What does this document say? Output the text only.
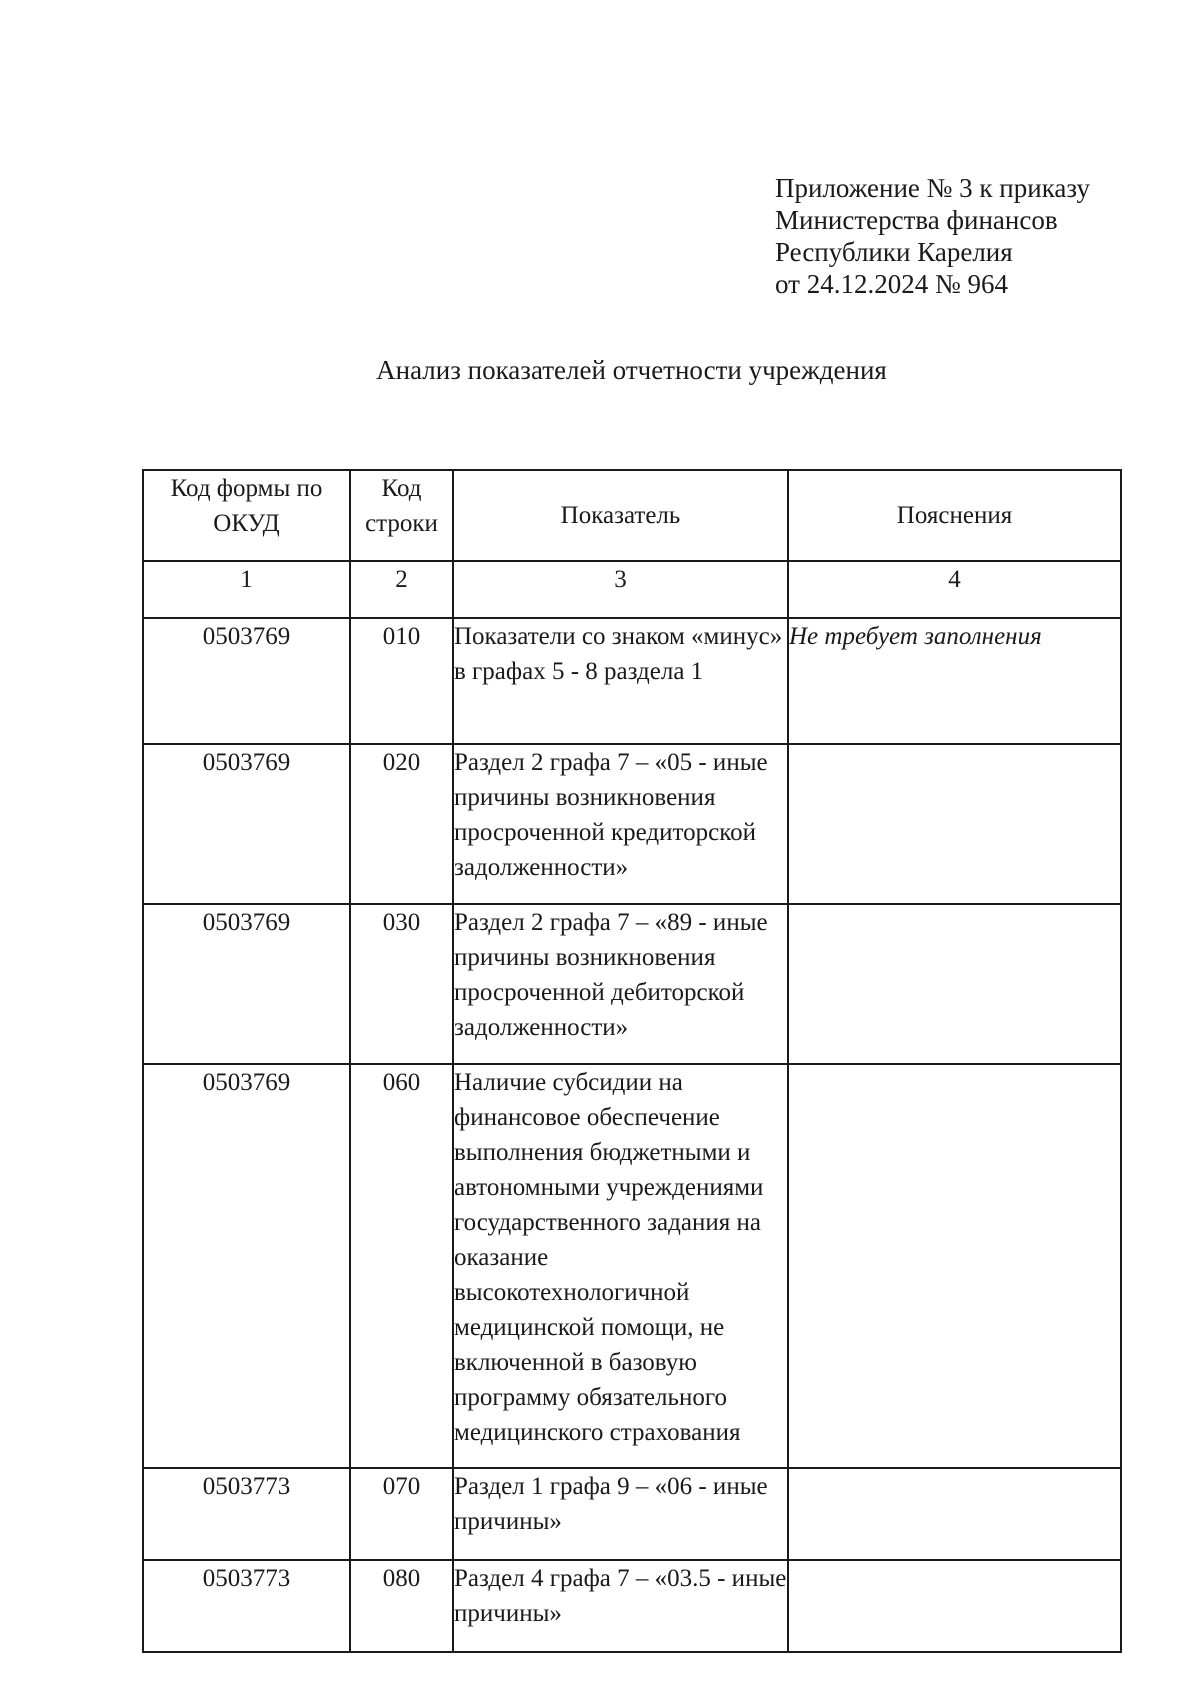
Приложение № 3 к приказу
Министерства финансов
Республики Карелия
от 24.12.2024 № 964
Анализ показателей отчетности учреждения
Код формы по ОКУД	Код строки	Показатель	Пояснения
1	2	3	4
0503769	010	Показатели со знаком «минус» в графах 5 - 8 раздела 1	Не требует заполнения
0503769	020	Раздел 2 графа 7 – «05 - иные причины возникновения просроченной кредиторской задолженности»	
0503769	030	Раздел 2 графа 7 – «89 - иные причины возникновения просроченной дебиторской задолженности»	
0503769	060	Наличие субсидии на финансовое обеспечение выполнения бюджетными и автономными учреждениями государственного задания на оказание высокотехнологичной медицинской помощи, не включенной в базовую программу обязательного медицинского страхования	
0503773	070	Раздел 1 графа 9 – «06 - иные причины»	
0503773	080	Раздел 4 графа 7 – «03.5 - иные причины»	
